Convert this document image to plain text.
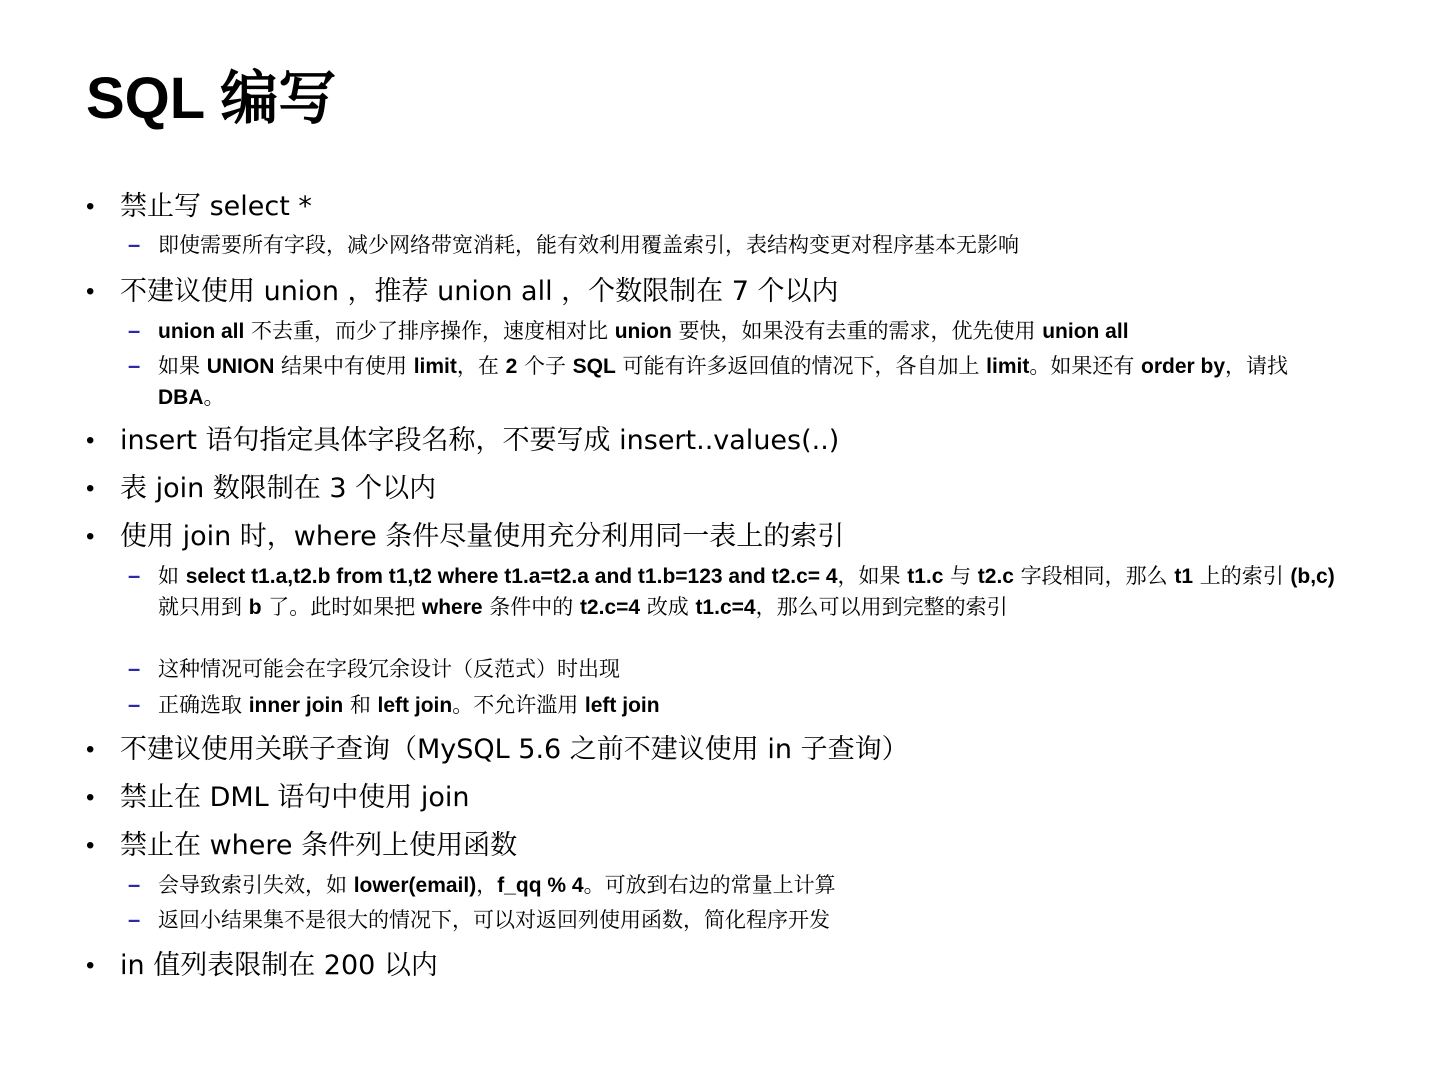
SQL 编写
• 禁止写 select *
– 即使需要所有字段，减少网络带宽消耗，能有效利用覆盖索引，表结构变更对程序基本无影响
• 不建议使用 union ，推荐 union all ，个数限制在 7 个以内
– union all 不去重，而少了排序操作，速度相对比 union 要快，如果没有去重的需求，优先使用 union all
– 如果 UNION 结果中有使用 limit，在 2 个子 SQL 可能有许多返回值的情况下，各自加上 limit。如果还有 order by，请找 DBA。
• insert 语句指定具体字段名称，不要写成 insert..values(..)
• 表 join 数限制在 3 个以内
• 使用 join 时，where 条件尽量使用充分利用同一表上的索引
– 如 select t1.a,t2.b from t1,t2 where t1.a=t2.a and t1.b=123 and t2.c= 4，如果 t1.c 与 t2.c 字段相同，那么 t1 上的索引 (b,c) 就只用到 b 了。此时如果把 where 条件中的 t2.c=4 改成 t1.c=4，那么可以用到完整的索引
– 这种情况可能会在字段冗余设计（反范式）时出现
– 正确选取 inner join 和 left join。不允许滥用 left join
• 不建议使用关联子查询（MySQL 5.6 之前不建议使用 in 子查询）
• 禁止在 DML 语句中使用 join
• 禁止在 where 条件列上使用函数
– 会导致索引失效，如 lower(email)，f_qq % 4。可放到右边的常量上计算
– 返回小结果集不是很大的情况下，可以对返回列使用函数，简化程序开发
• in 值列表限制在 200 以内
